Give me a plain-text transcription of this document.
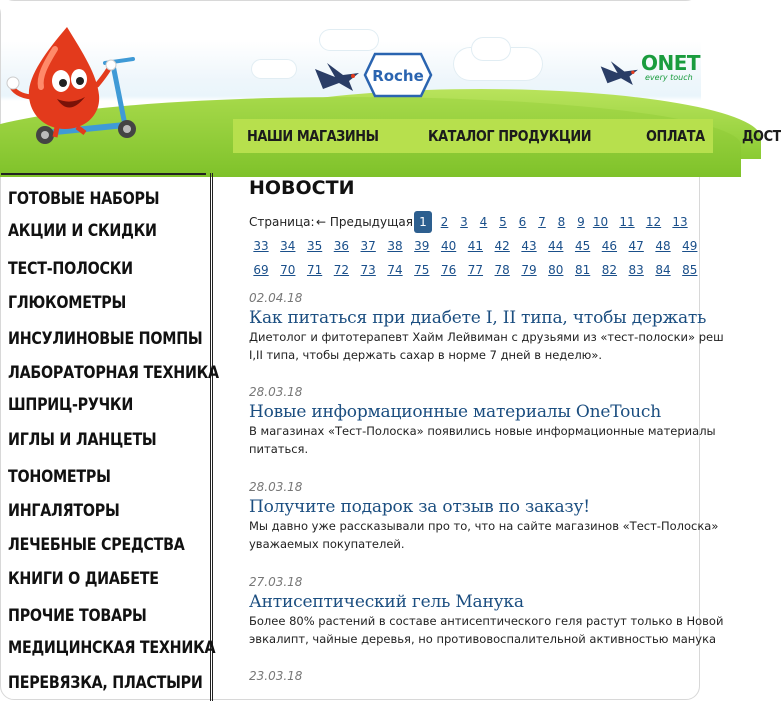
Roche
ONET
every touch
НАШИ МАГАЗИНЫ	КАТАЛОГ ПРОДУКЦИИ	ОПЛАТА	ДОСТ
ГОТОВЫЕ НАБОРЫ
АКЦИИ И СКИДКИ
ТЕСТ-ПОЛОСКИ
ГЛЮКОМЕТРЫ
ИНСУЛИНОВЫЕ ПОМПЫ
ЛАБОРАТОРНАЯ ТЕХНИКА
ШПРИЦ-РУЧКИ
ИГЛЫ И ЛАНЦЕТЫ
ТОНОМЕТРЫ
ИНГАЛЯТОРЫ
ЛЕЧЕБНЫЕ СРЕДСТВА
КНИГИ О ДИАБЕТЕ
ПРОЧИЕ ТОВАРЫ
МЕДИЦИНСКАЯ ТЕХНИКА
ПЕРЕВЯЗКА, ПЛАСТЫРИ
НОВОСТИ
Страница: ← Предыдущая 1	2 3 4 5 6 7 8 9 10 11 12 13
33 34 35 36 37 38 39 40 41 42 43 44 45 46 47 48 49
69 70 71 72 73 74 75 76 77 78 79 80 81 82 83 84 85
02.04.18
Как питаться при диабете I, II типа, чтобы держать
Диетолог и фитотерапевт Хайм Лейвиман с друзьями из «тест-полоски» реш
I,II типа, чтобы держать сахар в норме 7 дней в неделю».
28.03.18
Новые информационные материалы OneTouch
В магазинах «Тест-Полоска» появились новые информационные материалы
питаться.
28.03.18
Получите подарок за отзыв по заказу!
Мы давно уже рассказывали про то, что на сайте магазинов «Тест-Полоска»
уважаемых покупателей.
27.03.18
Антисептический гель Манука
Более 80% растений в составе антисептического геля растут только в Новой
эвкалипт, чайные деревья, но противовоспалительной активностью манука
23.03.18
